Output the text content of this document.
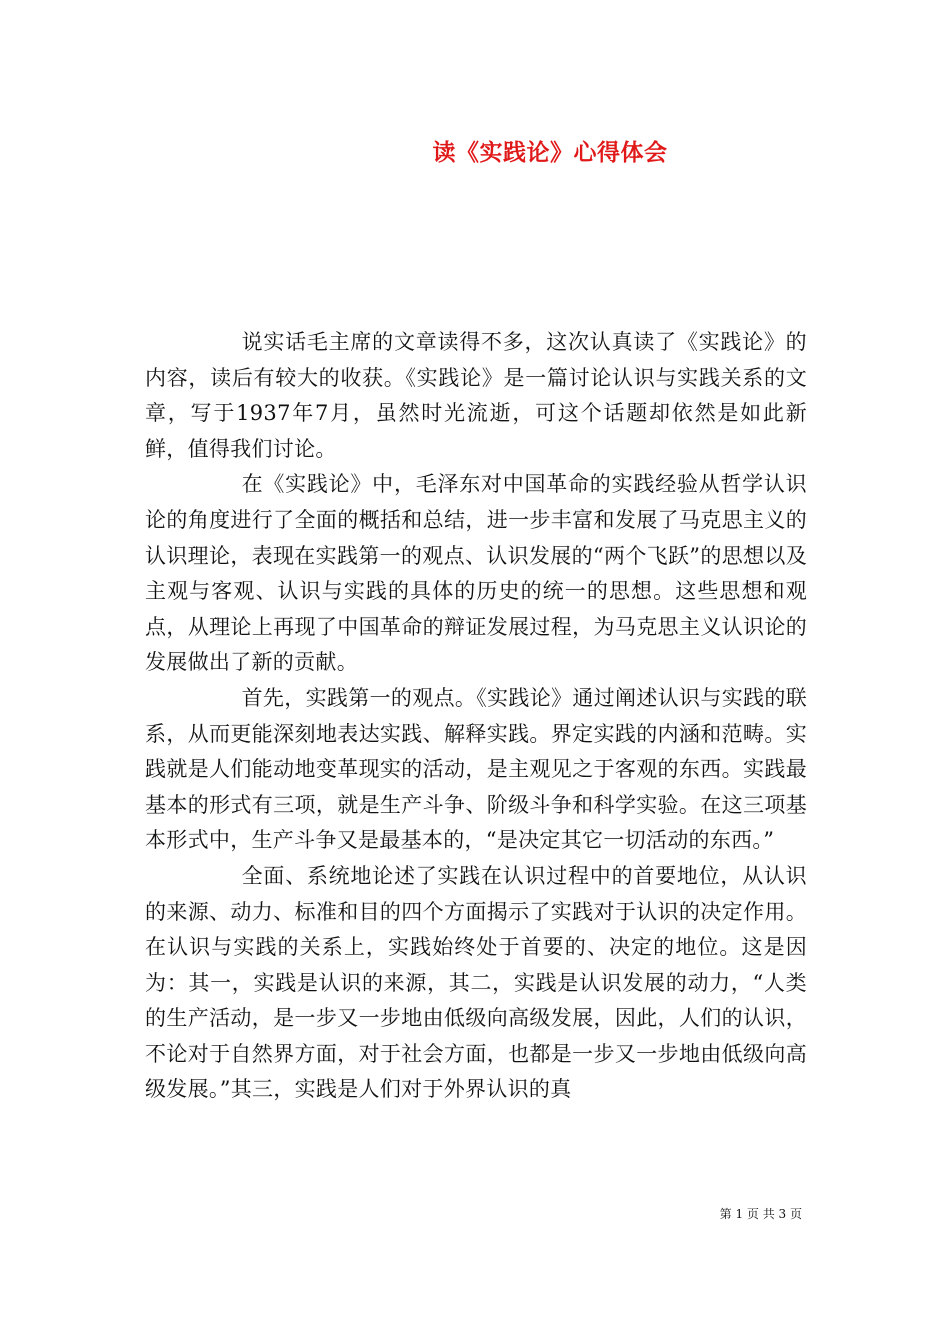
读《实践论》心得体会

说实话毛主席的文章读得不多，这次认真读了《实践论》的内容，读后有较大的收获。《实践论》是一篇讨论认识与实践关系的文章，写于1937年7月，虽然时光流逝，可这个话题却依然是如此新鲜，值得我们讨论。

在《实践论》中，毛泽东对中国革命的实践经验从哲学认识论的角度进行了全面的概括和总结，进一步丰富和发展了马克思主义的认识理论，表现在实践第一的观点、认识发展的“两个飞跃”的思想以及主观与客观、认识与实践的具体的历史的统一的思想。这些思想和观点，从理论上再现了中国革命的辩证发展过程，为马克思主义认识论的发展做出了新的贡献。

首先，实践第一的观点。《实践论》通过阐述认识与实践的联系，从而更能深刻地表达实践、解释实践。界定实践的内涵和范畴。实践就是人们能动地变革现实的活动，是主观见之于客观的东西。实践最基本的形式有三项，就是生产斗争、阶级斗争和科学实验。在这三项基本形式中，生产斗争又是最基本的，“是决定其它一切活动的东西。”

全面、系统地论述了实践在认识过程中的首要地位，从认识的来源、动力、标准和目的四个方面揭示了实践对于认识的决定作用。在认识与实践的关系上，实践始终处于首要的、决定的地位。这是因为：其一，实践是认识的来源，其二，实践是认识发展的动力，“人类的生产活动，是一步又一步地由低级向高级发展，因此，人们的认识，不论对于自然界方面，对于社会方面，也都是一步又一步地由低级向高级发展。”其三，实践是人们对于外界认识的真

第 1 页 共 3 页
